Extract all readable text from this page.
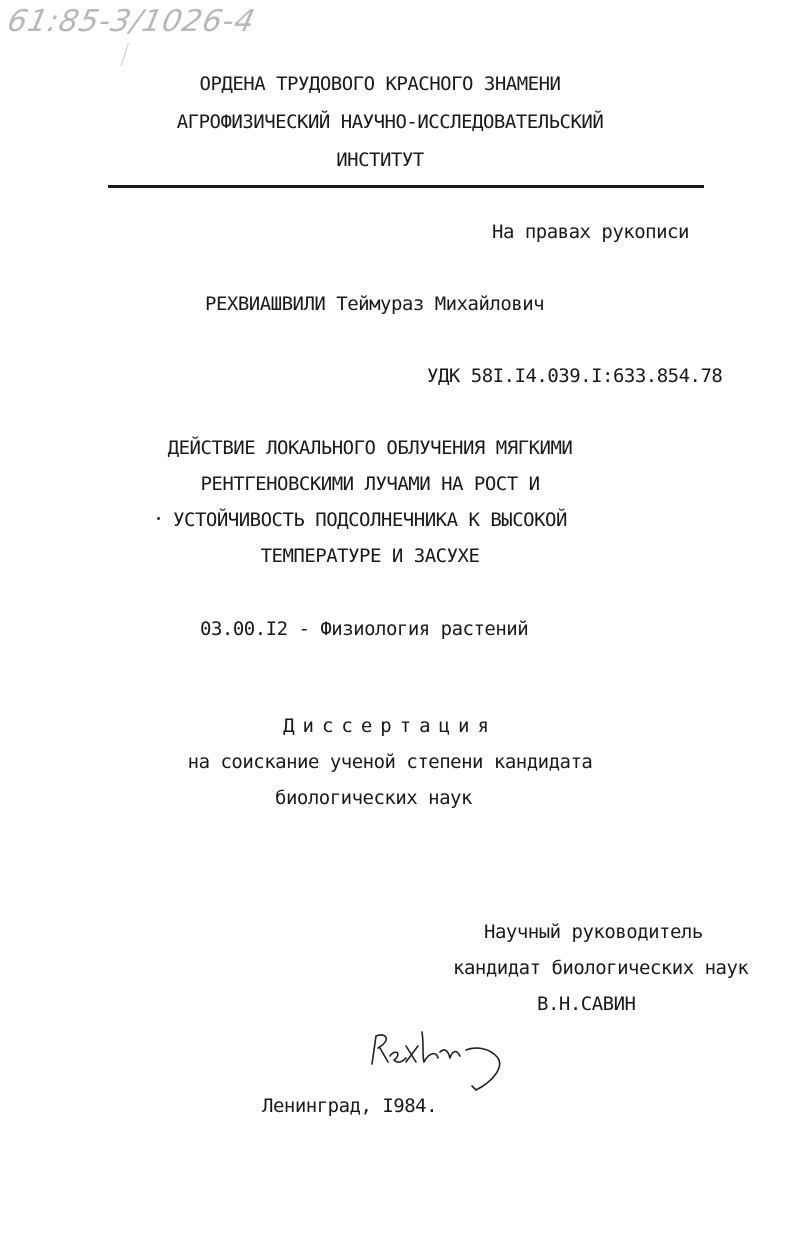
61:85-3/1026-4
ОРДЕНА ТРУДОВОГО КРАСНОГО ЗНАМЕНИ
АГРОФИЗИЧЕСКИЙ НАУЧНО-ИССЛЕДОВАТЕЛЬСКИЙ
ИНСТИТУТ
На правах рукописи
РЕХВИАШВИЛИ Теймураз Михайлович
УДК 58I.I4.039.I:633.854.78
ДЕЙСТВИЕ ЛОКАЛЬНОГО ОБЛУЧЕНИЯ МЯГКИМИ
РЕНТГЕНОВСКИМИ ЛУЧАМИ НА РОСТ И
УСТОЙЧИВОСТЬ ПОДСОЛНЕЧНИКА К ВЫСОКОЙ
ТЕМПЕРАТУРЕ И ЗАСУХЕ
03.00.I2 - Физиология растений
Диссертация
на соискание ученой степени кандидата
биологических наук
Научный руководитель
кандидат биологических наук
В.Н.САВИН
Ленинград, I984.
